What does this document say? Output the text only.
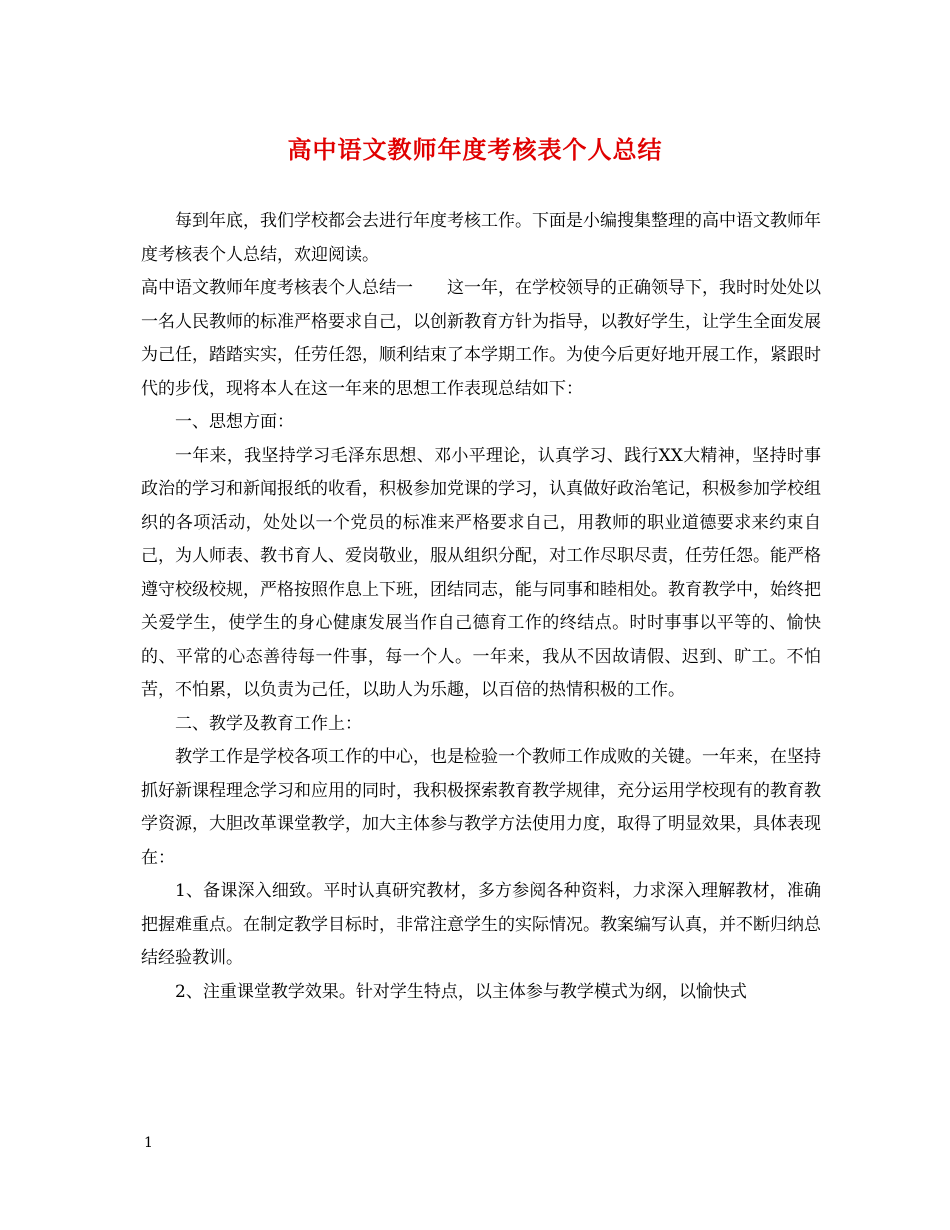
高中语文教师年度考核表个人总结

每到年底，我们学校都会去进行年度考核工作。下面是小编搜集整理的高中语文教师年度考核表个人总结，欢迎阅读。

高中语文教师年度考核表个人总结一　　这一年，在学校领导的正确领导下，我时时处处以一名人民教师的标准严格要求自己，以创新教育方针为指导，以教好学生，让学生全面发展为己任，踏踏实实，任劳任怨，顺利结束了本学期工作。为使今后更好地开展工作，紧跟时代的步伐，现将本人在这一年来的思想工作表现总结如下：

一、思想方面：

一年来，我坚持学习毛泽东思想、邓小平理论，认真学习、践行XX大精神，坚持时事政治的学习和新闻报纸的收看，积极参加党课的学习，认真做好政治笔记，积极参加学校组织的各项活动，处处以一个党员的标准来严格要求自己，用教师的职业道德要求来约束自己，为人师表、教书育人、爱岗敬业，服从组织分配，对工作尽职尽责，任劳任怨。能严格遵守校级校规，严格按照作息上下班，团结同志，能与同事和睦相处。教育教学中，始终把关爱学生，使学生的身心健康发展当作自己德育工作的终结点。时时事事以平等的、愉快的、平常的心态善待每一件事，每一个人。一年来，我从不因故请假、迟到、旷工。不怕苦，不怕累，以负责为己任，以助人为乐趣，以百倍的热情积极的工作。

二、教学及教育工作上：

教学工作是学校各项工作的中心，也是检验一个教师工作成败的关键。一年来，在坚持抓好新课程理念学习和应用的同时，我积极探索教育教学规律，充分运用学校现有的教育教学资源，大胆改革课堂教学，加大主体参与教学方法使用力度，取得了明显效果，具体表现在：

1、备课深入细致。平时认真研究教材，多方参阅各种资料，力求深入理解教材，准确把握难重点。在制定教学目标时，非常注意学生的实际情况。教案编写认真，并不断归纳总结经验教训。

2、注重课堂教学效果。针对学生特点，以主体参与教学模式为纲，以愉快式

1
